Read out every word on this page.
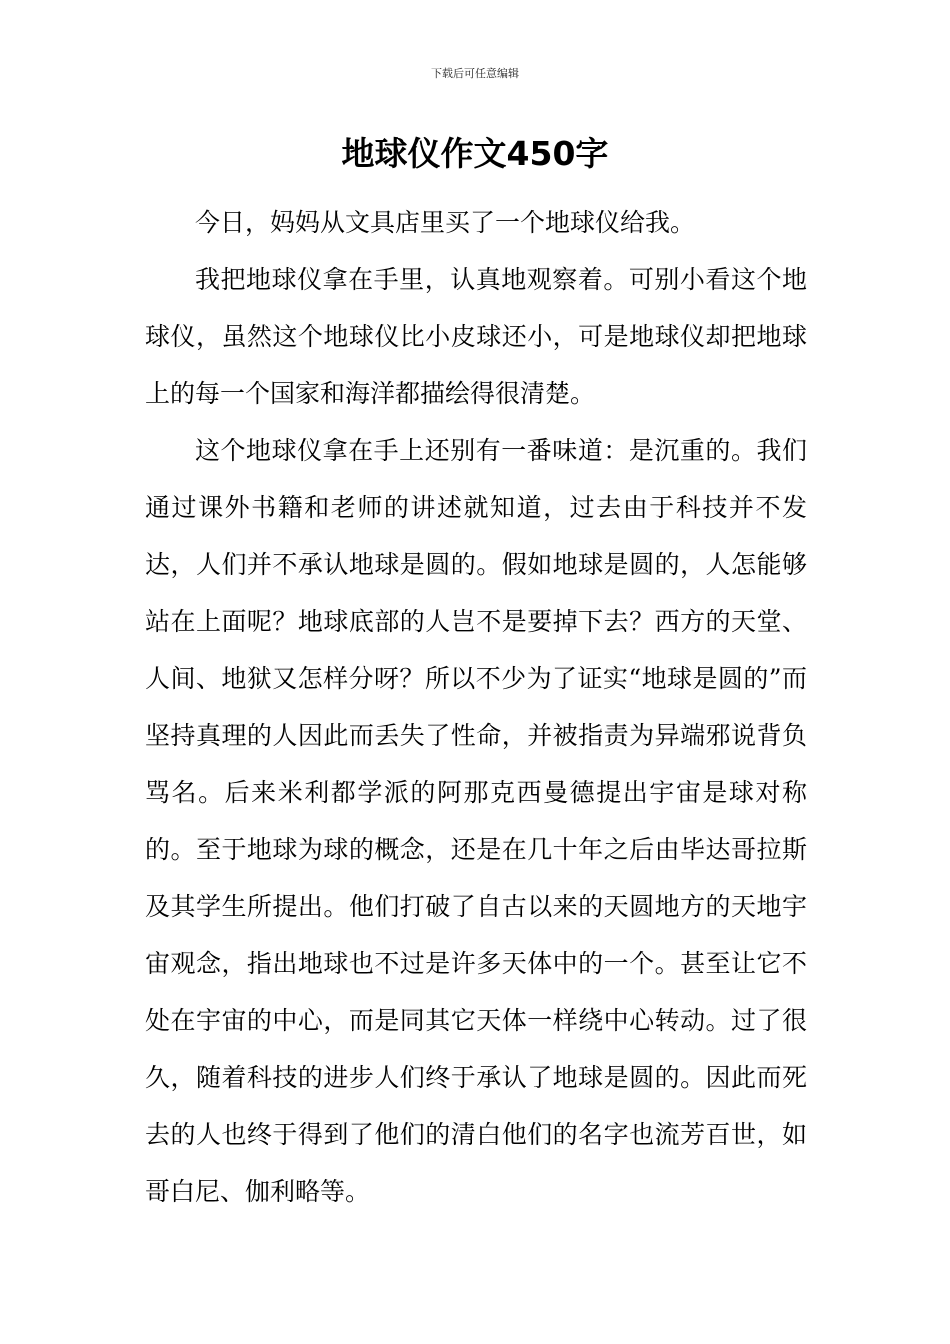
下载后可任意编辑
地球仪作文450字

今日，妈妈从文具店里买了一个地球仪给我。

我把地球仪拿在手里，认真地观察着。可别小看这个地球仪，虽然这个地球仪比小皮球还小，可是地球仪却把地球上的每一个国家和海洋都描绘得很清楚。

这个地球仪拿在手上还别有一番味道：是沉重的。我们通过课外书籍和老师的讲述就知道，过去由于科技并不发达，人们并不承认地球是圆的。假如地球是圆的，人怎能够站在上面呢？地球底部的人岂不是要掉下去？西方的天堂、人间、地狱又怎样分呀？所以不少为了证实“地球是圆的”而坚持真理的人因此而丢失了性命，并被指责为异端邪说背负骂名。后来米利都学派的阿那克西曼德提出宇宙是球对称的。至于地球为球的概念，还是在几十年之后由毕达哥拉斯及其学生所提出。他们打破了自古以来的天圆地方的天地宇宙观念，指出地球也不过是许多天体中的一个。甚至让它不处在宇宙的中心，而是同其它天体一样绕中心转动。过了很久，随着科技的进步人们终于承认了地球是圆的。因此而死去的人也终于得到了他们的清白他们的名字也流芳百世，如哥白尼、伽利略等。
